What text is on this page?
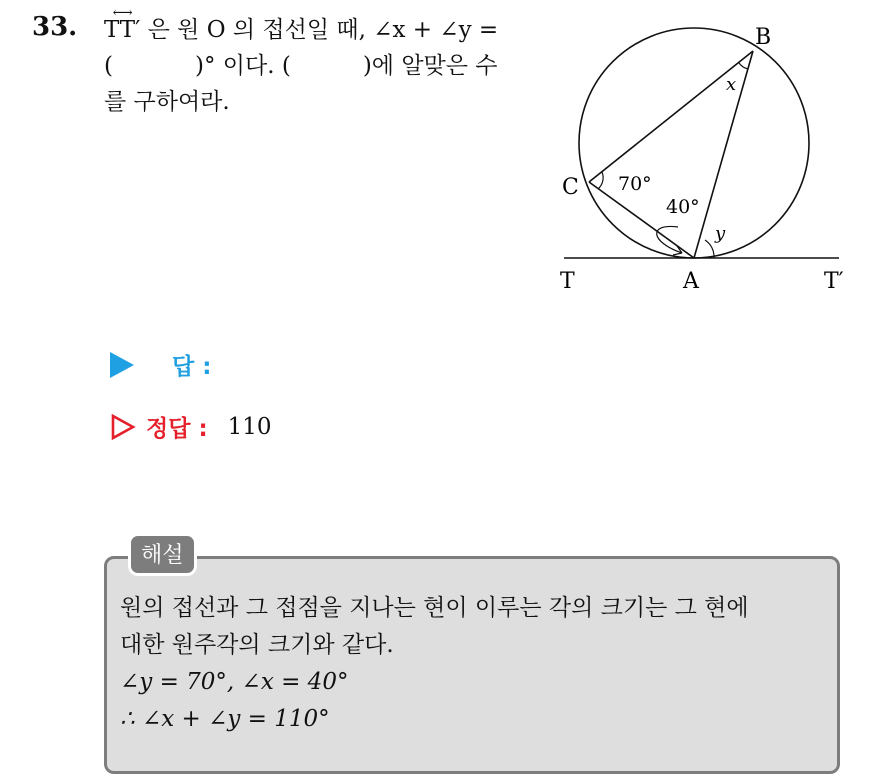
33.	⟷
TT′ 은 원 O 의 접선일 때, ∠x + ∠y =
(	)° 이다. (	)에 알맞은 수
를 구하여라.
B
C
A
T	T′
x
y
70°
40°
답 :
정답 : 110
해설
원의 접선과 그 접점을 지나는 현이 이루는 각의 크기는 그 현에
대한 원주각의 크기와 같다.
∠y = 70°, ∠x = 40°
∴ ∠x + ∠y = 110°
